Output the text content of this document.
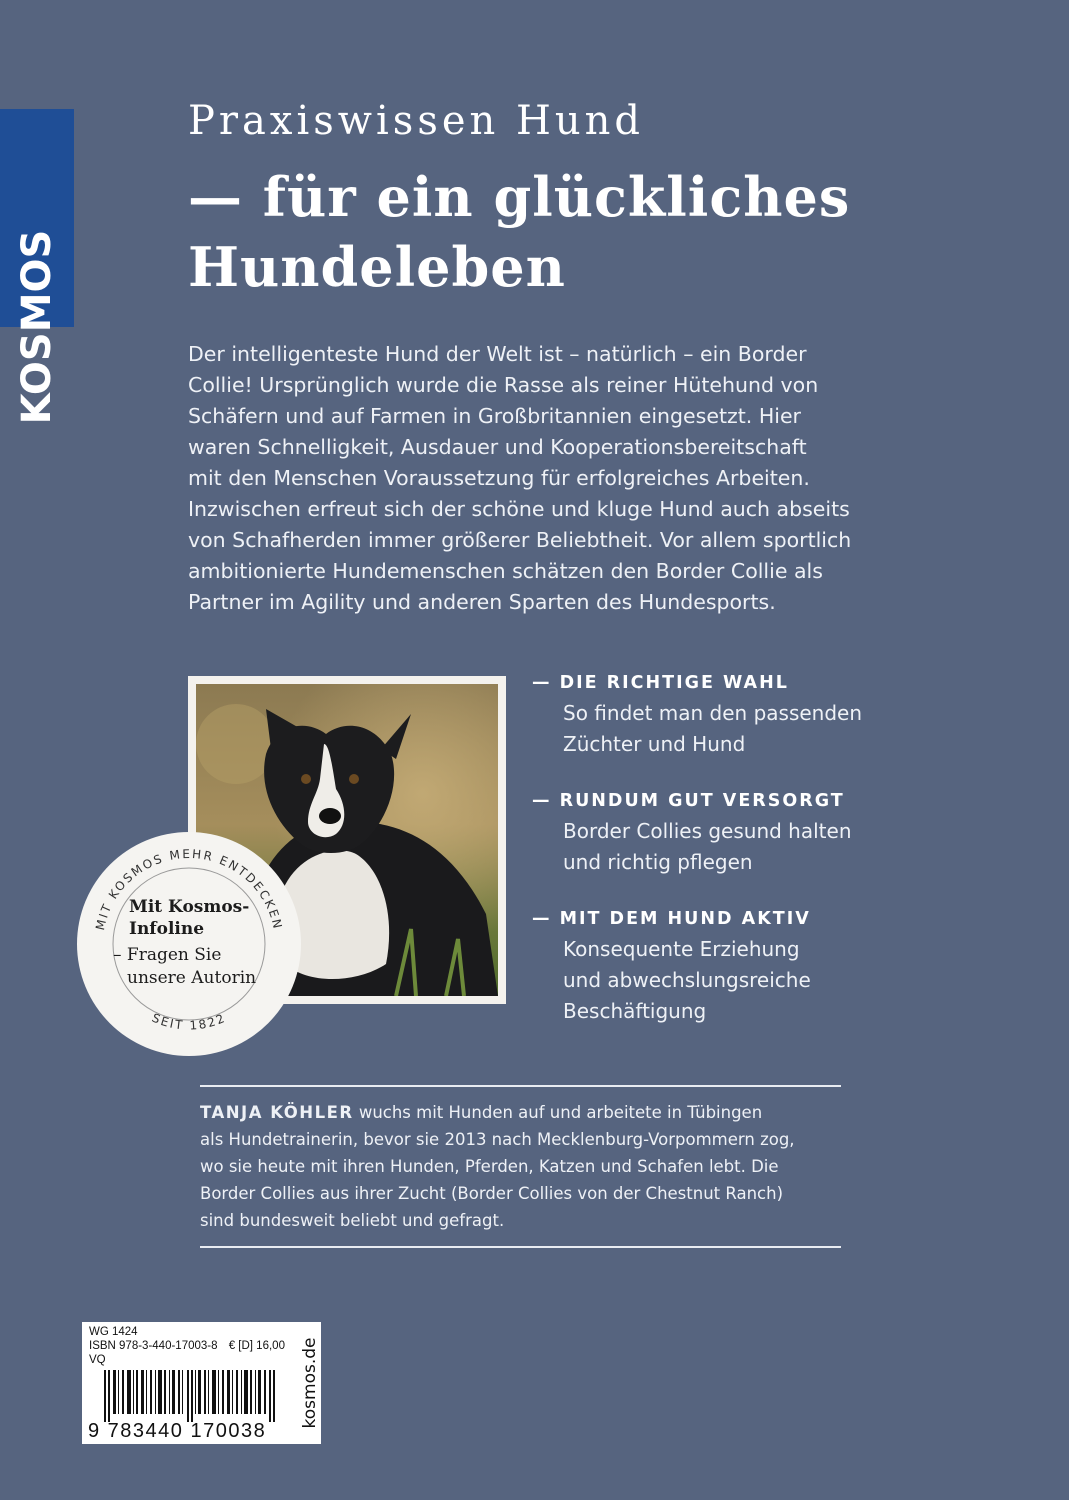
KOSMOS
Praxiswissen Hund
— für ein glückliches
Hundeleben
Der intelligenteste Hund der Welt ist – natürlich – ein Border
Collie! Ursprünglich wurde die Rasse als reiner Hütehund von
Schäfern und auf Farmen in Großbritannien eingesetzt. Hier
waren Schnelligkeit, Ausdauer und Kooperationsbereitschaft
mit den Menschen Voraussetzung für erfolgreiches Arbeiten.
Inzwischen erfreut sich der schöne und kluge Hund auch abseits
von Schafherden immer größerer Beliebtheit. Vor allem sportlich
ambitionierte Hundemenschen schätzen den Border Collie als
Partner im Agility und anderen Sparten des Hundesports.
MIT KOSMOS MEHR ENTDECKEN
SEIT 1822
Mit Kosmos-
Infoline
– Fragen Sie
unsere Autorin
— DIE RICHTIGE WAHL
So findet man den passenden
Züchter und Hund
— RUNDUM GUT VERSORGT
Border Collies gesund halten
und richtig pflegen
— MIT DEM HUND AKTIV
Konsequente Erziehung
und abwechslungsreiche
Beschäftigung
TANJA KÖHLER wuchs mit Hunden auf und arbeitete in Tübingen
als Hundetrainerin, bevor sie 2013 nach Mecklenburg-Vorpommern zog,
wo sie heute mit ihren Hunden, Pferden, Katzen und Schafen lebt. Die
Border Collies aus ihrer Zucht (Border Collies von der Chestnut Ranch)
sind bundesweit beliebt und gefragt.
WG 1424
ISBN 978-3-440-17003-8 € [D] 16,00
VQ
9 783440 170038
kosmos.de
